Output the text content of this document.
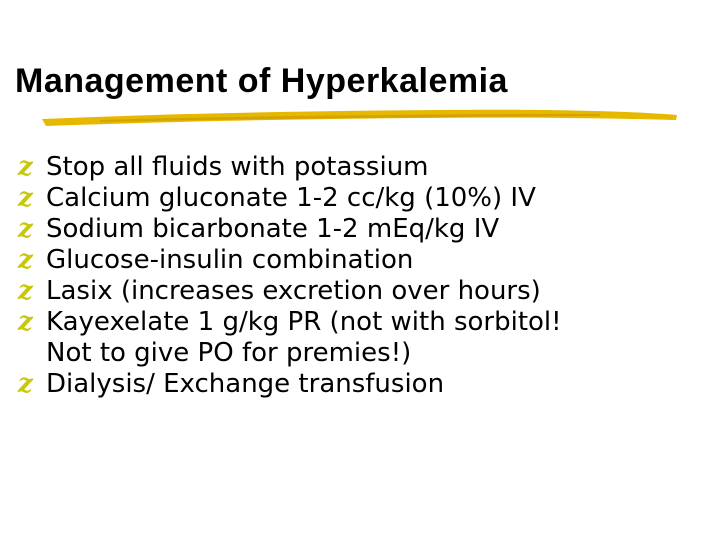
Management of Hyperkalemia
z Stop all fluids with potassium
z Calcium gluconate 1-2 cc/kg (10%) IV
z Sodium bicarbonate 1-2 mEq/kg IV
z Glucose-insulin combination
z Lasix (increases excretion over hours)
z Kayexelate 1 g/kg PR (not with sorbitol!
Not to give PO for premies!)
z Dialysis/ Exchange transfusion
